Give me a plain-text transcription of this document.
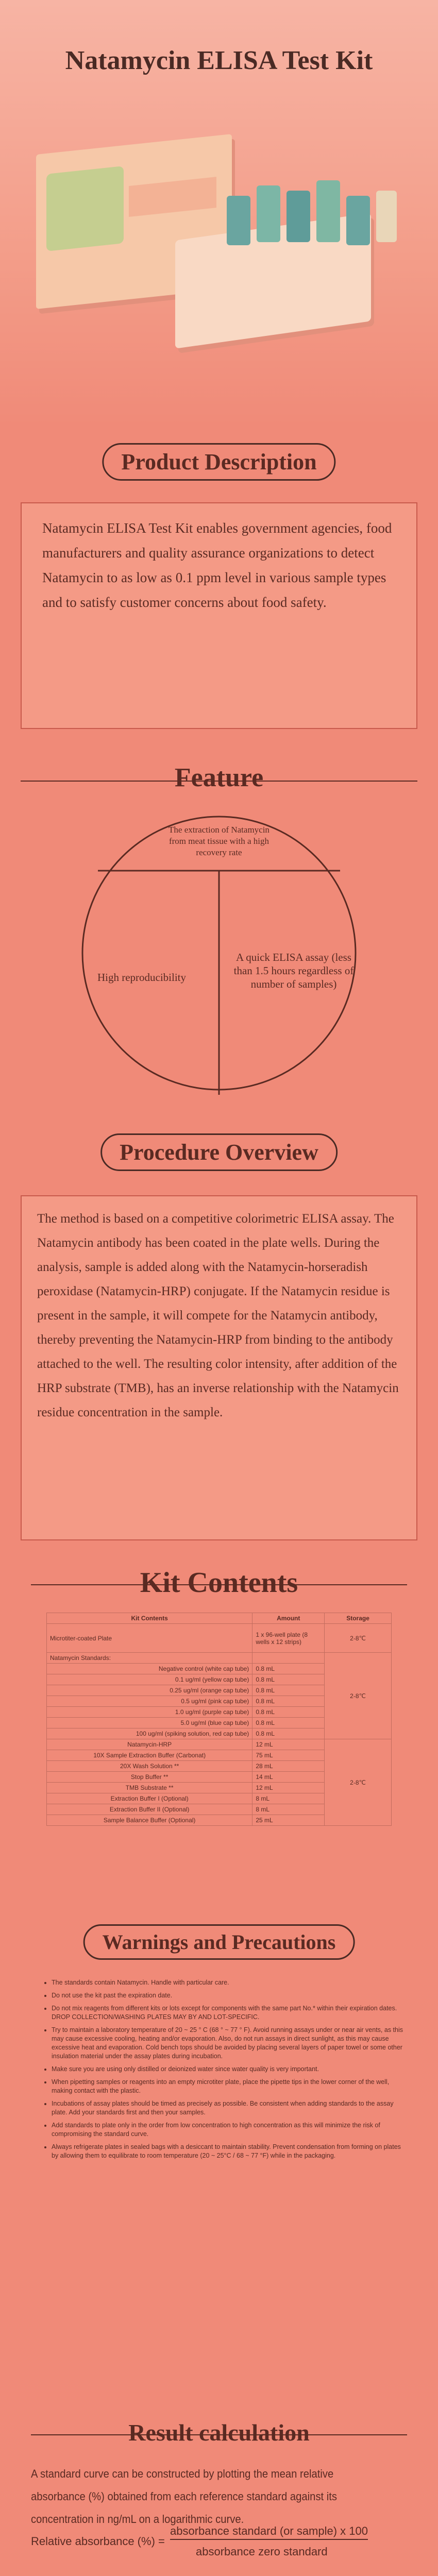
Natamycin ELISA Test Kit
Product Description
Natamycin ELISA Test Kit enables government agencies, food manufacturers and quality assurance organizations to detect Natamycin to as low as 0.1 ppm level in various sample types and to satisfy customer concerns about food safety.
Feature
The extraction of Natamycin from meat tissue with a high recovery rate
High reproducibility
A quick ELISA assay (less than 1.5 hours regardless of number of samples)
Procedure Overview
The method is based on a competitive colorimetric ELISA assay. The Natamycin antibody has been coated in the plate wells. During the analysis, sample is added along with the Natamycin-horseradish peroxidase (Natamycin-HRP) conjugate. If the Natamycin residue is present in the sample, it will compete for the Natamycin antibody, thereby preventing the Natamycin-HRP from binding to the antibody attached to the well. The resulting color intensity, after addition of the HRP substrate (TMB), has an inverse relationship with the Natamycin residue concentration in the sample.
Kit Contents
Kit Contents	Amount	Storage
Microtiter-coated Plate	1 x 96-well plate (8 wells x 12 strips)	2-8℃
Natamycin Standards:		2-8℃
Negative control (white cap tube)	0.8 mL	
0.1 ug/ml (yellow cap tube)	0.8 mL	
0.25 ug/ml (orange cap tube)	0.8 mL	
0.5 ug/ml (pink cap tube)	0.8 mL	
1.0 ug/ml (purple cap tube)	0.8 mL	
5.0 ug/ml (blue cap tube)	0.8 mL	
100 ug/ml (spiking solution, red cap tube)	0.8 mL	
Natamycin-HRP	12 mL	2-8℃
10X Sample Extraction Buffer (Carbonat)	75 mL	
20X Wash Solution **	28 mL	
Stop Buffer **	14 mL	
TMB Substrate **	12 mL	
Extraction Buffer I (Optional)	8 mL	
Extraction Buffer II (Optional)	8 mL	
Sample Balance Buffer (Optional)	25 mL	
Warnings and Precautions
• The standards contain Natamycin. Handle with particular care.
• Do not use the kit past the expiration date.
• Do not mix reagents from different kits or lots except for components with the same part No.* within their expiration dates. DROP COLLECTION/WASHING PLATES MAY BY AND LOT-SPECIFIC.
• Try to maintain a laboratory temperature of 20 ~ 25 ° C (68 ° ~ 77 ° F). Avoid running assays under or near air vents, as this may cause excessive cooling, heating and/or evaporation. Also, do not run assays in direct sunlight, as this may cause excessive heat and evaporation. Cold bench tops should be avoided by placing several layers of paper towel or some other insulation material under the assay plates during incubation.
• Make sure you are using only distilled or deionized water since water quality is very important.
• When pipetting samples or reagents into an empty microtiter plate, place the pipette tips in the lower corner of the well, making contact with the plastic.
• Incubations of assay plates should be timed as precisely as possible. Be consistent when adding standards to the assay plate. Add your standards first and then your samples.
• Add standards to plate only in the order from low concentration to high concentration as this will minimize the risk of compromising the standard curve.
• Always refrigerate plates in sealed bags with a desiccant to maintain stability. Prevent condensation from forming on plates by allowing them to equilibrate to room temperature (20 ~ 25°C / 68 ~ 77 °F) while in the packaging.
Result calculation
A standard curve can be constructed by plotting the mean relative absorbance (%) obtained from each reference standard against its concentration in ng/mL on a logarithmic curve.
Relative absorbance (%) =
absorbance standard (or sample) x 100
absorbance zero standard
